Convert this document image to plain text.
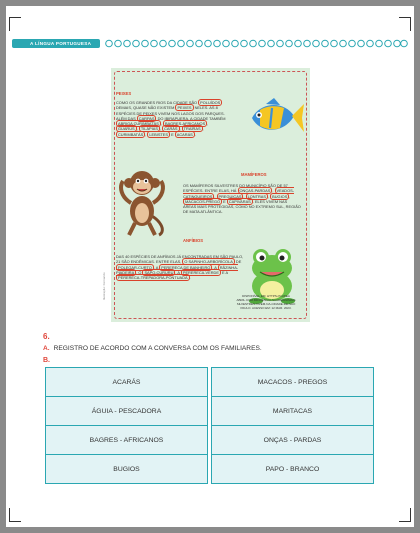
A LÍNGUA PORTUGUESA
PEIXES
COMO OS GRANDES RIOS DA CIDADE SÃO POLUÍDOS DEMAIS, QUASE NÃO EXISTEM PEIXES NELES. AS 8 ESPÉCIES DE PEIXES VIVEM NOS LAGOS DOS PARQUES. ALÉM DAS CARPAS DO IBIRAPUERA, A CIDADE TAMBÉM ABRIGA CURIMBATÁS , BAGRES-AFRICANOS , GUARUS , TILÁPIAS , CARÁS , TRAÍRAS , CURIMBATÁS , LEBISTES E ACARÁS .
MAMÍFEROS
OS MAMÍFEROS SILVESTRES DO MUNICÍPIO SÃO DE 57 ESPÉCIES. ENTRE ELAS, HÁ ONÇAS-PARDAS , VEADOS-CATINGUEIROS , PREGUIÇAS , LONTRAS , BUGIOS , MACACOS-PREGO E CAPIVARAS . ELES VIVEM NAS ÁREAS MAIS PROTEGIDAS, COMO NO EXTREMO SUL, REGIÃO DE MATA ATLÂNTICA.
ANFÍBIOS
DAS 40 ESPÉCIES DE ANFÍBIOS JÁ ENCONTRADAS EM SÃO PAULO, 21 SÃO ENDÊMICAS. ENTRE ELAS, O SAPINHO-ARBORÍCOLA DE POLEGAR-CURTO , A PERERECA DE BANHEIRO , A RÃZINHA-PIADEIRA , O SAPO-CURURU , A PERERECA-VERDE E A PERERECA-TREPADORA-PONTUADA .
DISPONÍVEL EM: HTTPS://GUPEA ABRIL.COM.BR/CIENCIA-SAUDE/ANIMAIS SILVESTRES-VIVEM-NA-CIDADE-DE-SÃO PAULO. ACESSO EM: 12 MAR. 2023.
Ilustração: Fernando
6.
A. REGISTRO DE ACORDO COM A CONVERSA COM OS FAMILIARES.
B.
ACARÁS	MACACOS - PREGOS
ÁGUIA - PESCADORA	MARITACAS
BAGRES - AFRICANOS	ONÇAS - PARDAS
BUGIOS	PAPO - BRANCO
